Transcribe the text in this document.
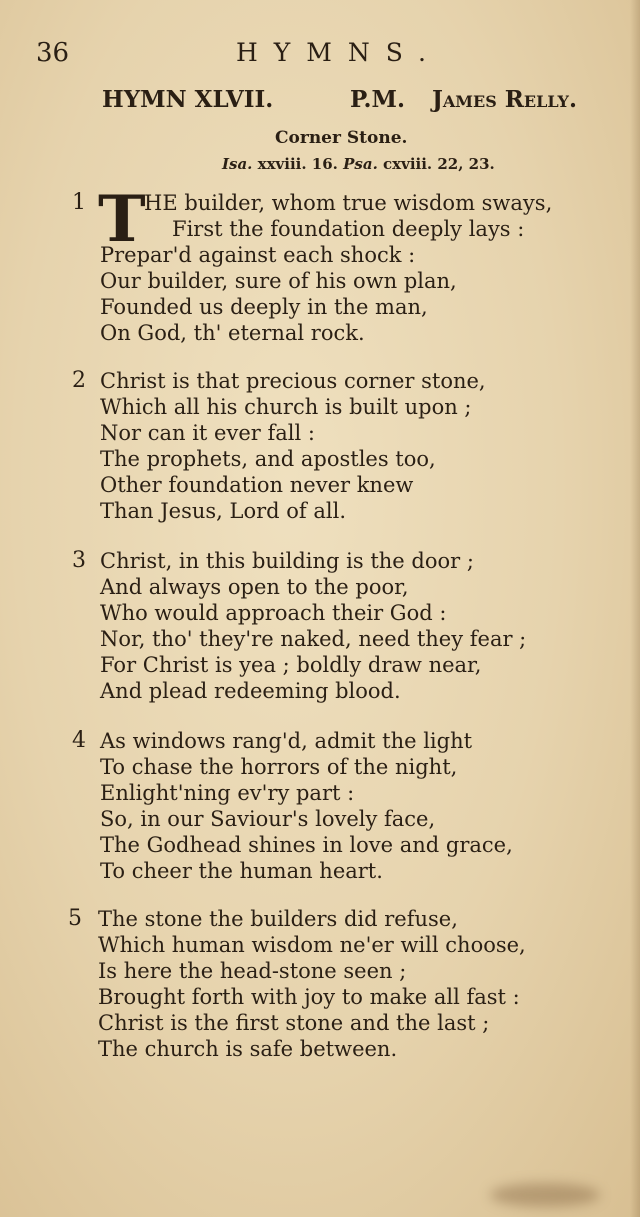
36	HYMNS.
HYMN XLVII.	P.M. James Relly.
Corner Stone.
Isa. xxviii. 16. Psa. cxviii. 22, 23.
T
1	HE builder, whom true wisdom sways,
First the foundation deeply lays :
Prepar'd against each shock :
Our builder, sure of his own plan,
Founded us deeply in the man,
On God, th' eternal rock.
2 Christ is that precious corner stone,
Which all his church is built upon ;
Nor can it ever fall :
The prophets, and apostles too,
Other foundation never knew
Than Jesus, Lord of all.
3 Christ, in this building is the door ;
And always open to the poor,
Who would approach their God :
Nor, tho' they're naked, need they fear ;
For Christ is yea ; boldly draw near,
And plead redeeming blood.
4 As windows rang'd, admit the light
To chase the horrors of the night,
Enlight'ning ev'ry part :
So, in our Saviour's lovely face,
The Godhead shines in love and grace,
To cheer the human heart.
5 The stone the builders did refuse,
Which human wisdom ne'er will choose,
Is here the head-stone seen ;
Brought forth with joy to make all fast :
Christ is the first stone and the last ;
The church is safe between.
